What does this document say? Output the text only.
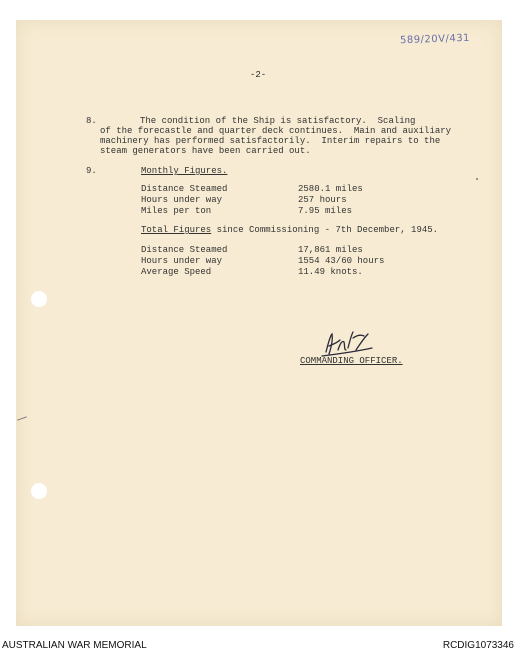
589/20V/431
-2-
8.	The condition of the Ship is satisfactory.  Scaling
of the forecastle and quarter deck continues.  Main and auxiliary
machinery has performed satisfactorily.  Interim repairs to the
steam generators have been carried out.
9.	Monthly Figures.
Distance Steamed	2580.1 miles
Hours under way	257 hours
Miles per ton	7.95 miles
Total Figures since Commissioning - 7th December, 1945.
Distance Steamed	17,861 miles
Hours under way	1554 43/60 hours
Average Speed	11.49 knots.
COMMANDING OFFICER.
AUSTRALIAN WAR MEMORIAL	RCDIG1073346
